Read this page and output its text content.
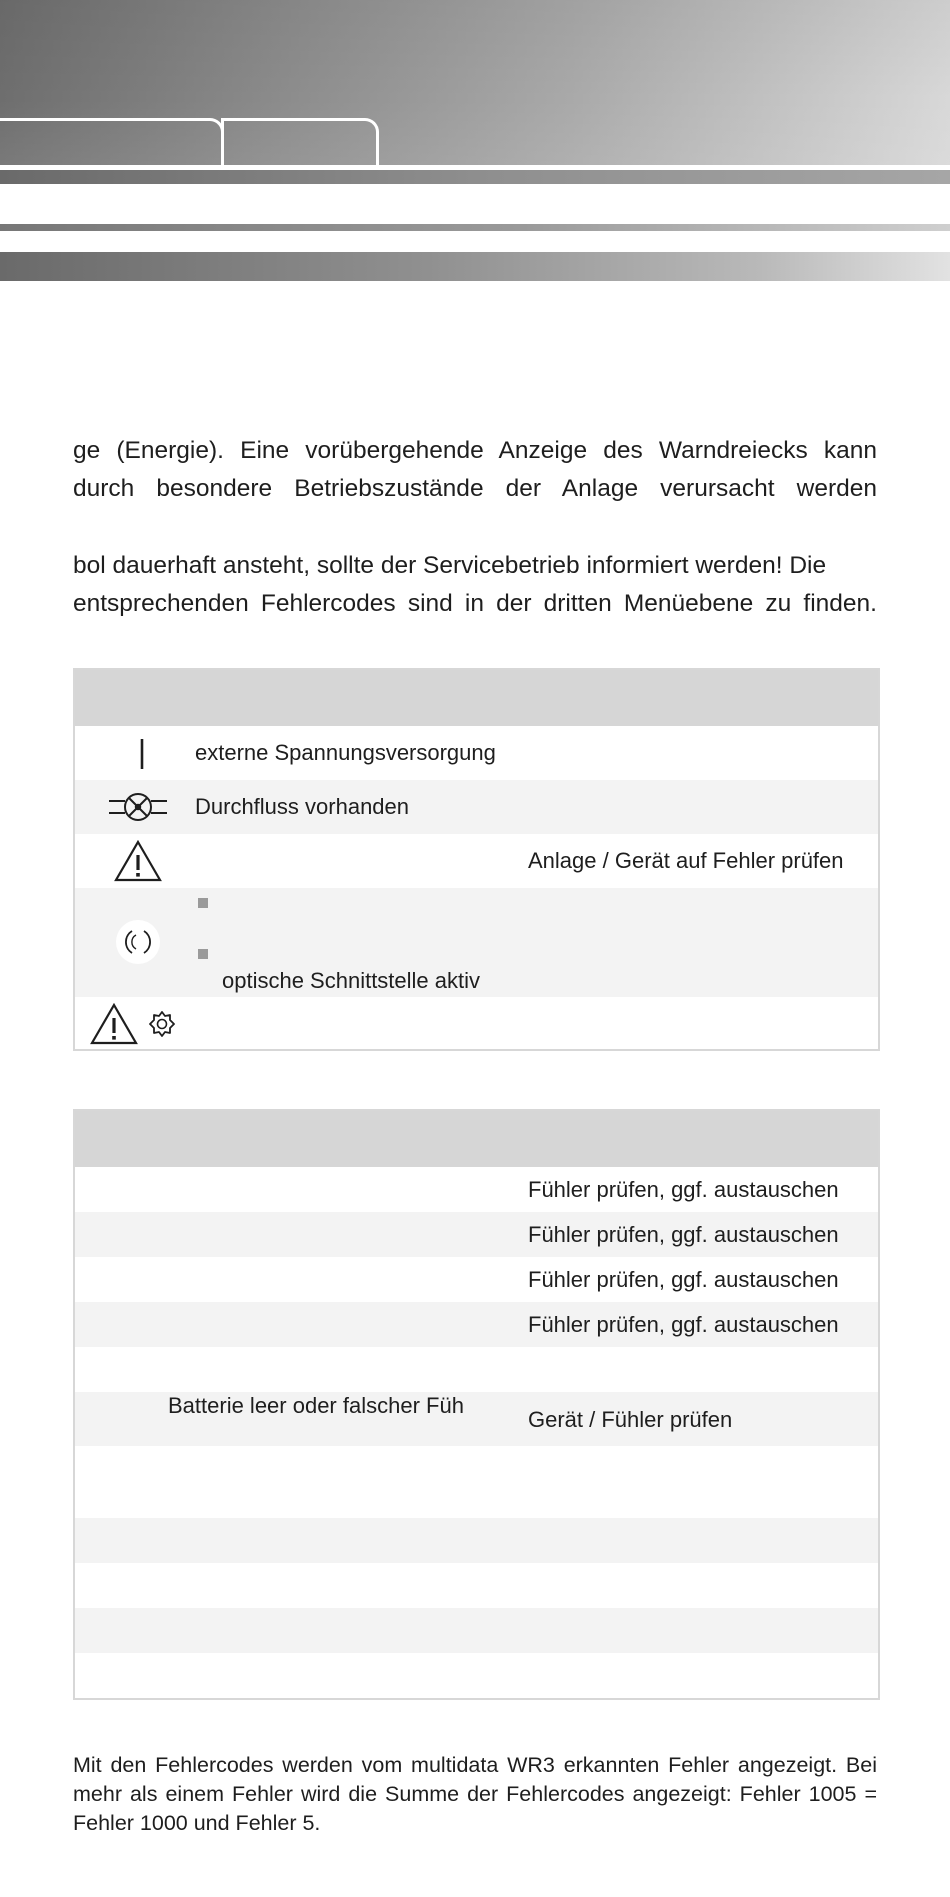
ge (Energie). Eine vorübergehende Anzeige des Warndreiecks kann
durch besondere Betriebszustände der Anlage verursacht werden
bol dauerhaft ansteht, sollte der Servicebetrieb informiert werden! Die
entsprechenden Fehlercodes sind in der dritten Menüebene zu finden.
externe Spannungsversorgung
Durchfluss vorhanden
Anlage / Gerät auf Fehler prüfen
optische Schnittstelle aktiv
Fühler prüfen, ggf. austauschen
Fühler prüfen, ggf. austauschen
Fühler prüfen, ggf. austauschen
Fühler prüfen, ggf. austauschen
Batterie leer oder falscher Füh
Gerät / Fühler prüfen
Mit den Fehlercodes werden vom multidata WR3 erkannten Fehler angezeigt. Bei mehr als einem Fehler wird die Summe der Fehlercodes angezeigt: Fehler 1005 = Fehler 1000 und Fehler 5.
